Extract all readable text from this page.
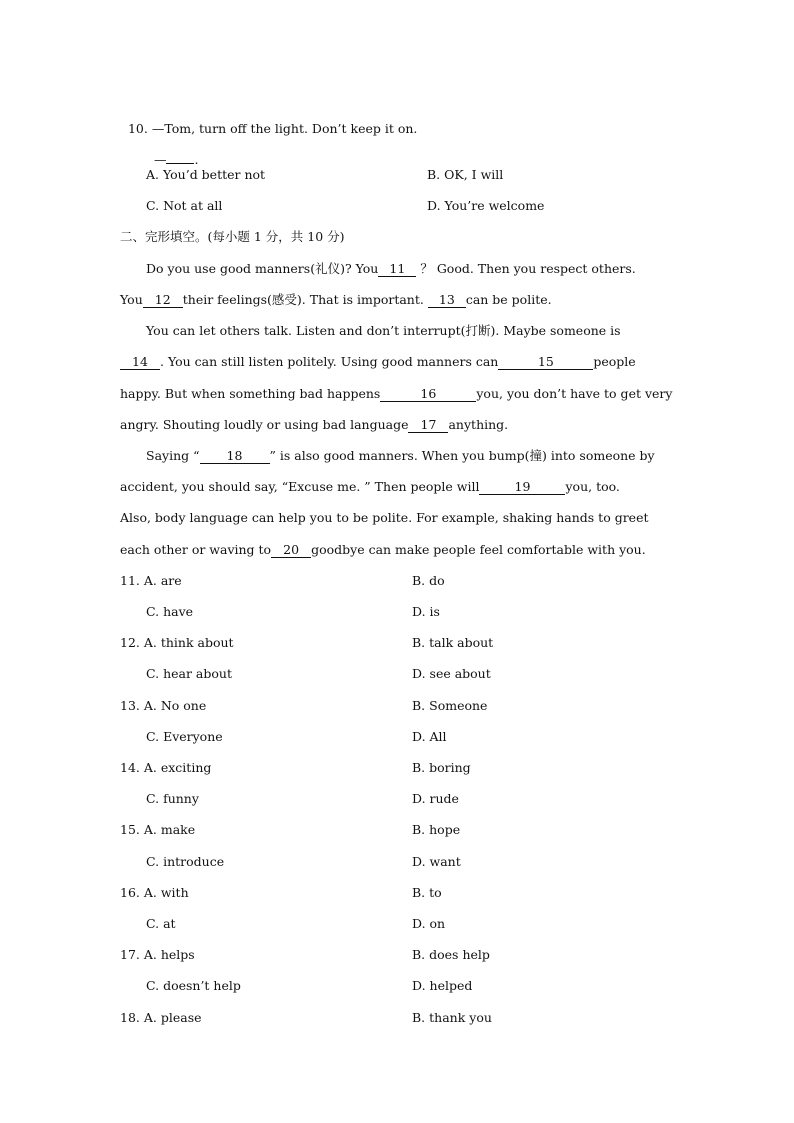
10. —Tom, turn off the light. Don’t keep it on.

— .

A. You’d better not	B. OK, I will
C. Not at all	D. You’re welcome
二、完形填空。(每小题 1 分，共 10 分)
Do you use good manners(礼仪)? You 11 ？ Good. Then you respect others.
You 12 their feelings(感受). That is important. 13 can be polite.
You can let others talk. Listen and don’t interrupt(打断). Maybe someone is
14 . You can still listen politely. Using good manners can	15	people
happy. But when something bad happens	16	you, you don’t have to get very
angry. Shouting loudly or using bad language 17 anything.
Saying “ 18 ” is also good manners. When you bump(撞) into someone by
accident, you should say, “Excuse me. ” Then people will	19	you, too.
Also, body language can help you to be polite. For example, shaking hands to greet
each other or waving to 20 goodbye can make people feel comfortable with you.
11. A. are	B. do
C. have	D. is
12. A. think about	B. talk about
C. hear about	D. see about
13. A. No one	B. Someone
C. Everyone	D. All
14. A. exciting	B. boring
C. funny	D. rude
15. A. make	B. hope
C. introduce	D. want
16. A. with	B. to
C. at	D. on
17. A. helps	B. does help
C. doesn’t help	D. helped
18. A. please	B. thank you
